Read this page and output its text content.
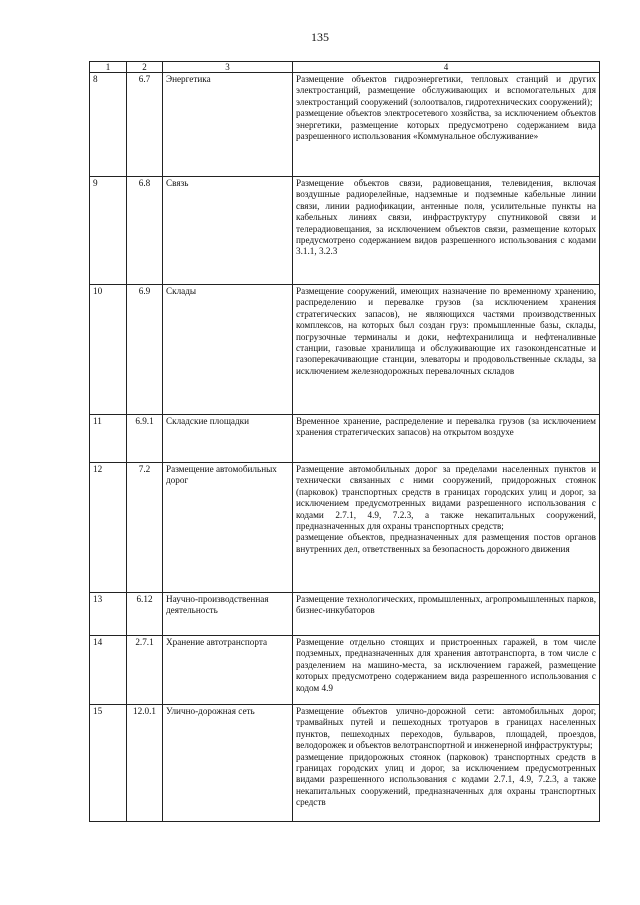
135
1	2	3	4
8	6.7	Энергетика	Размещение объектов гидроэнергетики, тепловых станций и других электростанций, размещение обслуживающих и вспомогательных для электростанций сооружений (золоотвалов, гидротехнических сооружений);
размещение объектов электросетевого хозяйства, за исключением объектов энергетики, размещение которых предусмотрено содержанием вида разрешенного использования «Коммунальное обслуживание»

9	6.8	Связь	Размещение объектов связи, радиовещания, телевидения, включая воздушные радиорелейные, надземные и подземные кабельные линии связи, линии радиофикации, антенные поля, усилительные пункты на кабельных линиях связи, инфраструктуру спутниковой связи и телерадиовещания, за исключением объектов связи, размещение которых предусмотрено содержанием видов разрешенного использования с кодами 3.1.1, 3.2.3

10	6.9	Склады	Размещение сооружений, имеющих назначение по временному хранению, распределению и перевалке грузов (за исключением хранения стратегических запасов), не являющихся частями производственных комплексов, на которых был создан груз: промышленные базы, склады, погрузочные терминалы и доки, нефтехранилища и нефтеналивные станции, газовые хранилища и обслуживающие их газоконденсатные и газоперекачивающие станции, элеваторы и продовольственные склады, за исключением железнодорожных перевалочных складов

11	6.9.1	Складские площадки	Временное хранение, распределение и перевалка грузов (за исключением хранения стратегических запасов) на открытом воздухе

12	7.2	Размещение автомобильных дорог	Размещение автомобильных дорог за пределами населенных пунктов и технически связанных с ними сооружений, придорожных стоянок (парковок) транспортных средств в границах городских улиц и дорог, за исключением предусмотренных видами разрешенного использования с кодами 2.7.1, 4.9, 7.2.3, а также некапитальных сооружений, предназначенных для охраны транспортных средств;
размещение объектов, предназначенных для размещения постов органов внутренних дел, ответственных за безопасность дорожного движения

13	6.12	Научно-производственная деятельность	Размещение технологических, промышленных, агропромышленных парков, бизнес-инкубаторов

14	2.7.1	Хранение автотранспорта	Размещение отдельно стоящих и пристроенных гаражей, в том числе подземных, предназначенных для хранения автотранспорта, в том числе с разделением на машино-места, за исключением гаражей, размещение которых предусмотрено содержанием вида разрешенного использования с кодом 4.9

15	12.0.1	Улично-дорожная сеть	Размещение объектов улично-дорожной сети: автомобильных дорог, трамвайных путей и пешеходных тротуаров в границах населенных пунктов, пешеходных переходов, бульваров, площадей, проездов, велодорожек и объектов велотранспортной и инженерной инфраструктуры;
размещение придорожных стоянок (парковок) транспортных средств в границах городских улиц и дорог, за исключением предусмотренных видами разрешенного использования с кодами 2.7.1, 4.9, 7.2.3, а также некапитальных сооружений, предназначенных для охраны транспортных средств
